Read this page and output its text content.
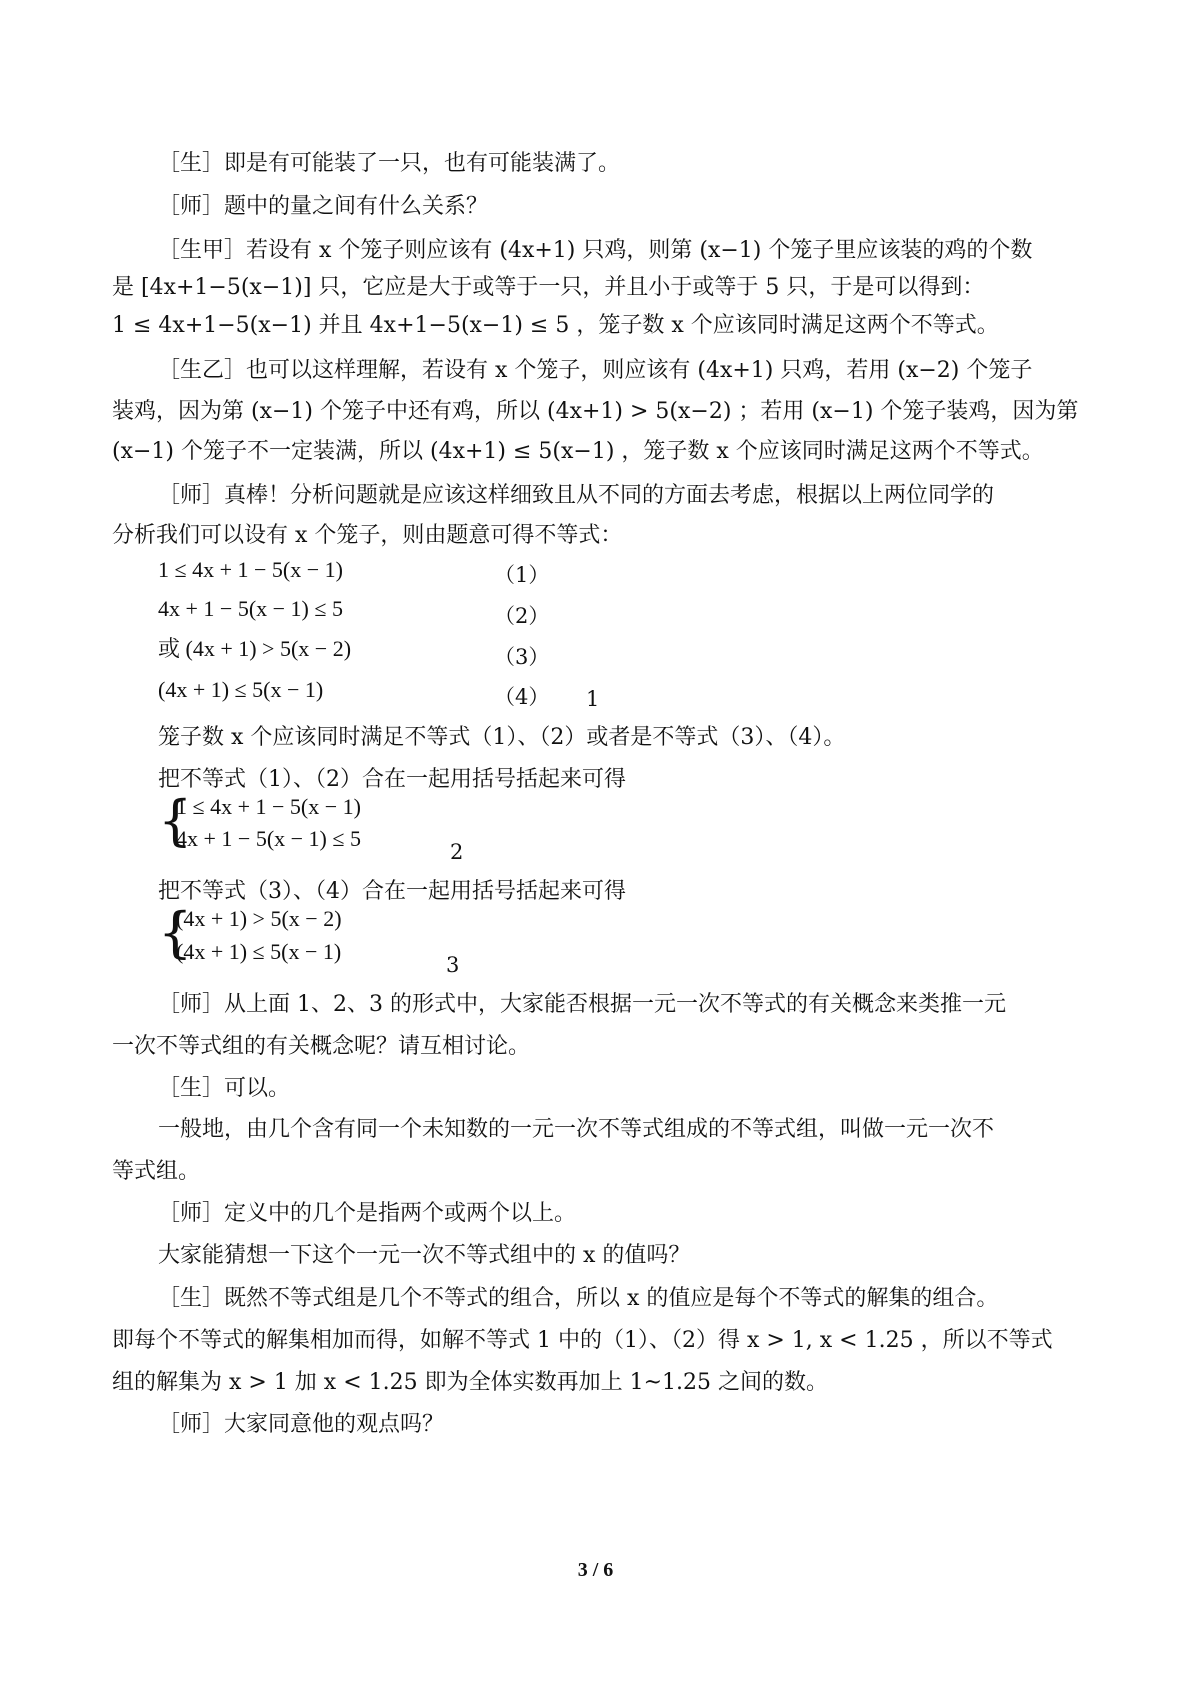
［生］即是有可能装了一只，也有可能装满了。
［师］题中的量之间有什么关系？
［生甲］若设有 x 个笼子则应该有 (4x+1) 只鸡，则第 (x−1) 个笼子里应该装的鸡的个数
是 [4x+1−5(x−1)] 只，它应是大于或等于一只，并且小于或等于 5 只，于是可以得到：
1 ≤ 4x+1−5(x−1) 并且 4x+1−5(x−1) ≤ 5 ，笼子数 x 个应该同时满足这两个不等式。
［生乙］也可以这样理解，若设有 x 个笼子，则应该有 (4x+1) 只鸡，若用 (x−2) 个笼子
装鸡，因为第 (x−1) 个笼子中还有鸡，所以 (4x+1) > 5(x−2) ；若用 (x−1) 个笼子装鸡，因为第
(x−1) 个笼子不一定装满，所以 (4x+1) ≤ 5(x−1) ，笼子数 x 个应该同时满足这两个不等式。
［师］真棒！分析问题就是应该这样细致且从不同的方面去考虑，根据以上两位同学的
分析我们可以设有 x 个笼子，则由题意可得不等式：
1 ≤ 4x + 1 − 5(x − 1)	（1）
4x + 1 − 5(x − 1) ≤ 5	（2）
或 (4x + 1) > 5(x − 2)	（3）
(4x + 1) ≤ 5(x − 1)	（4） 1
笼子数 x 个应该同时满足不等式（1）、（2）或者是不等式（3）、（4）。
把不等式（1）、（2）合在一起用括号括起来可得
{
1 ≤ 4x + 1 − 5(x − 1)
4x + 1 − 5(x − 1) ≤ 5
2
把不等式（3）、（4）合在一起用括号括起来可得
{
(4x + 1) > 5(x − 2)
(4x + 1) ≤ 5(x − 1)
3
［师］从上面 1、2、3 的形式中，大家能否根据一元一次不等式的有关概念来类推一元
一次不等式组的有关概念呢？请互相讨论。
［生］可以。
一般地，由几个含有同一个未知数的一元一次不等式组成的不等式组，叫做一元一次不
等式组。
［师］定义中的几个是指两个或两个以上。
大家能猜想一下这个一元一次不等式组中的 x 的值吗？
［生］既然不等式组是几个不等式的组合，所以 x 的值应是每个不等式的解集的组合。
即每个不等式的解集相加而得，如解不等式 1 中的（1）、（2）得 x > 1, x < 1.25 ，所以不等式
组的解集为 x > 1 加 x < 1.25 即为全体实数再加上 1~1.25 之间的数。
［师］大家同意他的观点吗？
3 / 6
